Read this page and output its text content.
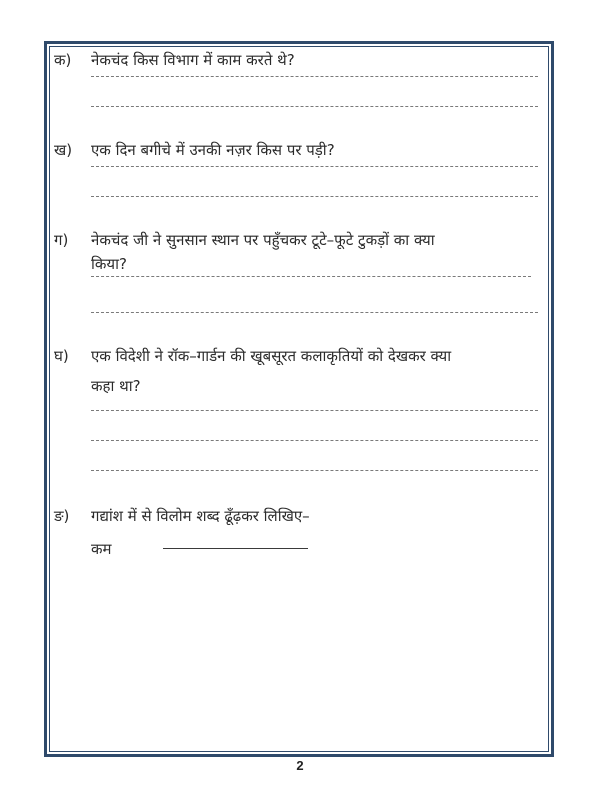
क) नेकचंद किस विभाग में काम करते थे?
ख) एक दिन बगीचे में उनकी नज़र किस पर पड़ी?
ग) नेकचंद जी ने सुनसान स्थान पर पहुँचकर टूटे–फूटे टुकड़ों का क्या
किया?
घ) एक विदेशी ने रॉक–गार्डन की खूबसूरत कलाकृतियों को देखकर क्या
कहा था?
ङ) गद्यांश में से विलोम शब्द ढूँढ़कर लिखिए–
कम
2
